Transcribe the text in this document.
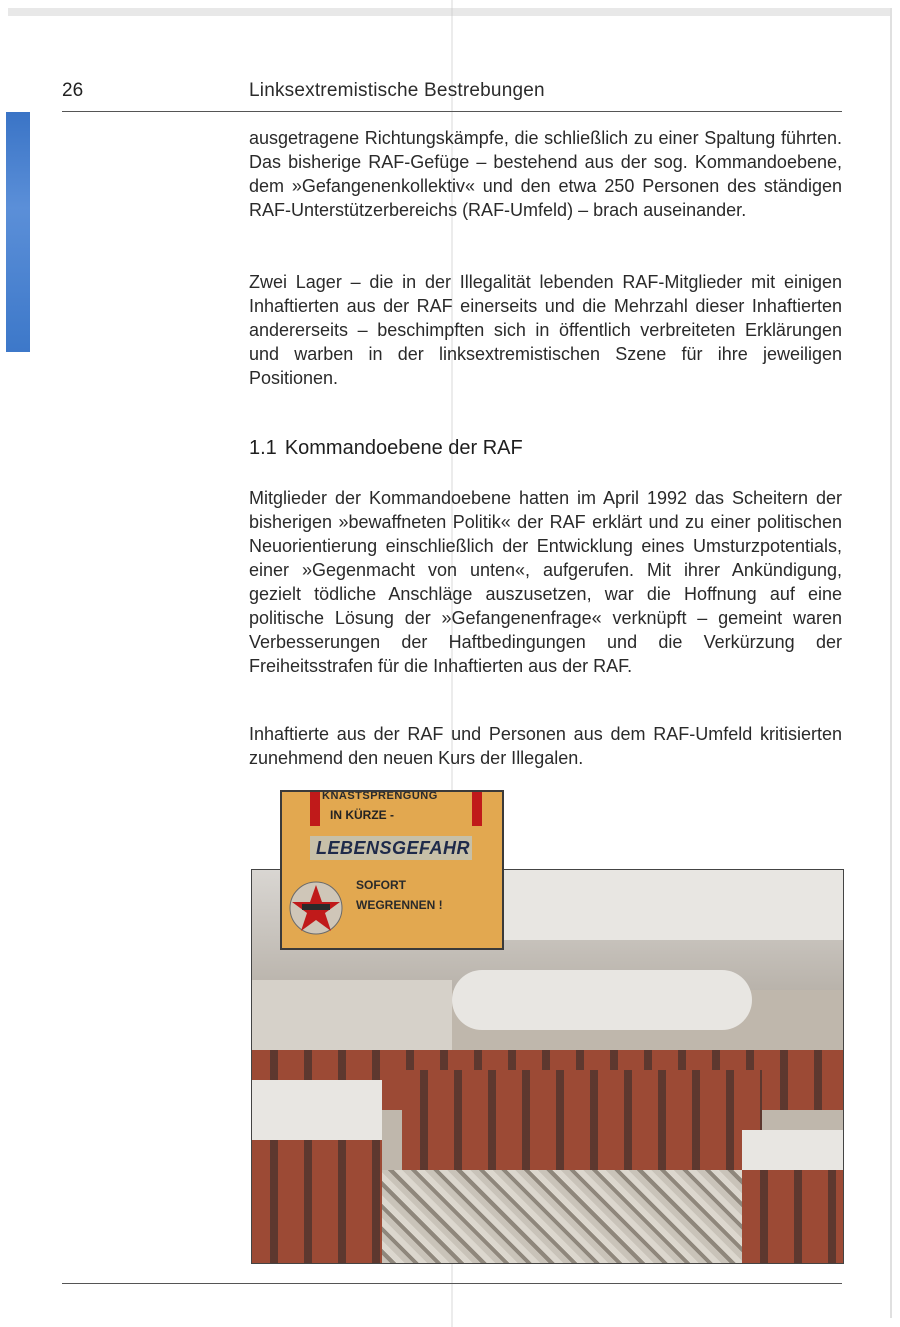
26	Linksextremistische Bestrebungen

ausgetragene Richtungskämpfe, die schließlich zu einer Spaltung führten. Das bisherige RAF-Gefüge – bestehend aus der sog. Kommandoebene, dem »Gefangenenkollektiv« und den etwa 250 Personen des ständigen RAF-Unterstützerbereichs (RAF-Umfeld) – brach auseinander.

Zwei Lager – die in der Illegalität lebenden RAF-Mitglieder mit einigen Inhaftierten aus der RAF einerseits und die Mehrzahl dieser Inhaftierten andererseits – beschimpften sich in öffentlich verbreiteten Erklärungen und warben in der linksextremistischen Szene für ihre jeweiligen Positionen.

1.1 Kommandoebene der RAF

Mitglieder der Kommandoebene hatten im April 1992 das Scheitern der bisherigen »bewaffneten Politik« der RAF erklärt und zu einer politischen Neuorientierung einschließlich der Entwicklung eines Umsturzpotentials, einer »Gegenmacht von unten«, aufgerufen. Mit ihrer Ankündigung, gezielt tödliche Anschläge auszusetzen, war die Hoffnung auf eine politische Lösung der »Gefangenenfrage« verknüpft – gemeint waren Verbesserungen der Haftbedingungen und die Verkürzung der Freiheitsstrafen für die Inhaftierten aus der RAF.

Inhaftierte aus der RAF und Personen aus dem RAF-Umfeld kritisierten zunehmend den neuen Kurs der Illegalen.

KNASTSPRENGUNG
IN KÜRZE -
LEBENSGEFAHR
SOFORT
WEGRENNEN !
